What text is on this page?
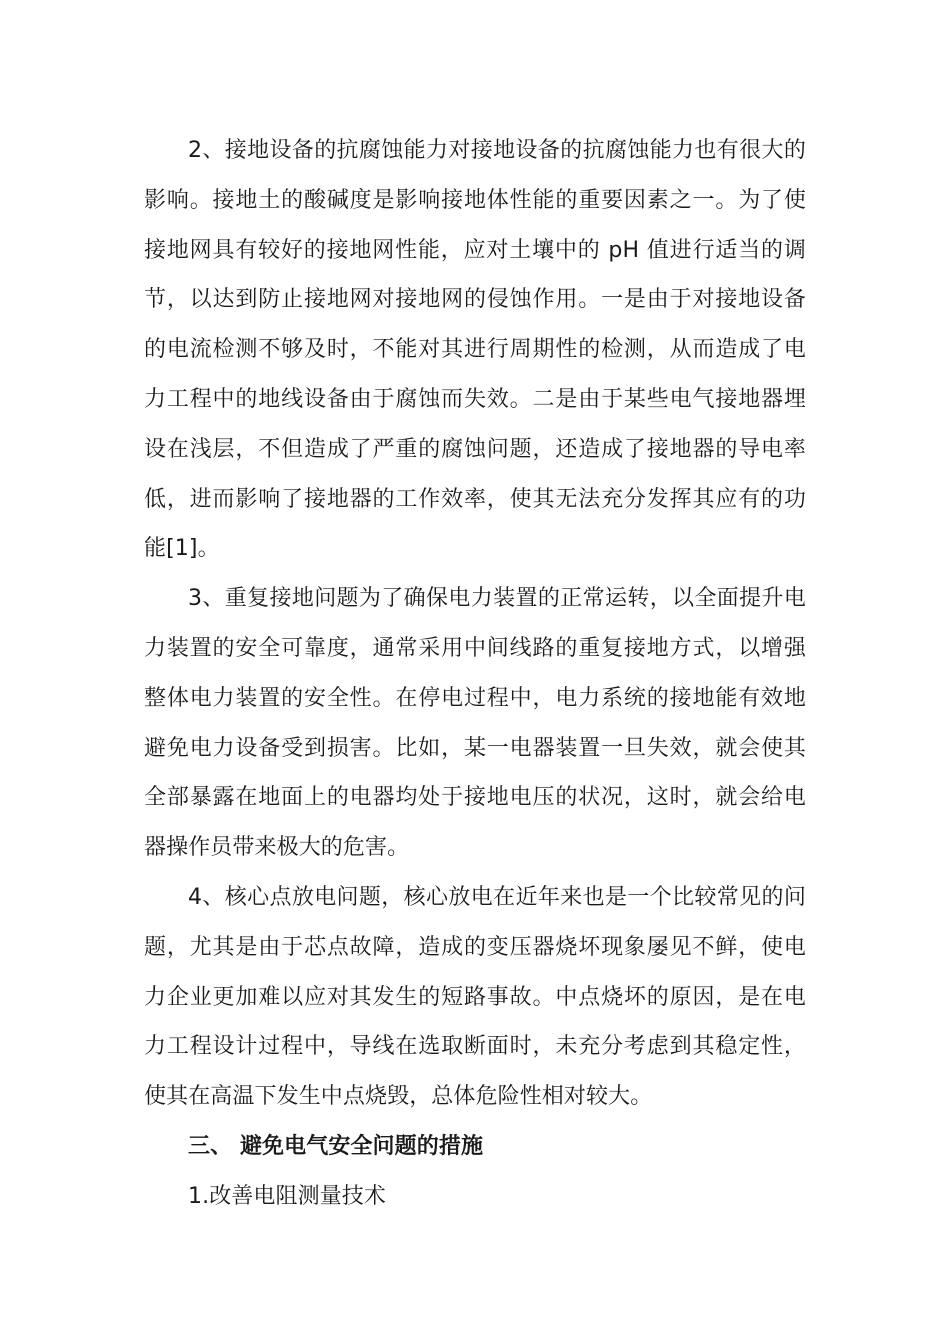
2、接地设备的抗腐蚀能力对接地设备的抗腐蚀能力也有很大的影响。接地土的酸碱度是影响接地体性能的重要因素之一。为了使接地网具有较好的接地网性能，应对土壤中的 pH 值进行适当的调节，以达到防止接地网对接地网的侵蚀作用。一是由于对接地设备的电流检测不够及时，不能对其进行周期性的检测，从而造成了电力工程中的地线设备由于腐蚀而失效。二是由于某些电气接地器埋设在浅层，不但造成了严重的腐蚀问题，还造成了接地器的导电率低，进而影响了接地器的工作效率，使其无法充分发挥其应有的功能[1]。

3、重复接地问题为了确保电力装置的正常运转，以全面提升电力装置的安全可靠度，通常采用中间线路的重复接地方式，以增强整体电力装置的安全性。在停电过程中，电力系统的接地能有效地避免电力设备受到损害。比如，某一电器装置一旦失效，就会使其全部暴露在地面上的电器均处于接地电压的状况，这时，就会给电器操作员带来极大的危害。

4、核心点放电问题，核心放电在近年来也是一个比较常见的问题，尤其是由于芯点故障，造成的变压器烧坏现象屡见不鲜，使电力企业更加难以应对其发生的短路事故。中点烧坏的原因，是在电力工程设计过程中，导线在选取断面时，未充分考虑到其稳定性，使其在高温下发生中点烧毁，总体危险性相对较大。

三、 避免电气安全问题的措施

1.改善电阻测量技术
